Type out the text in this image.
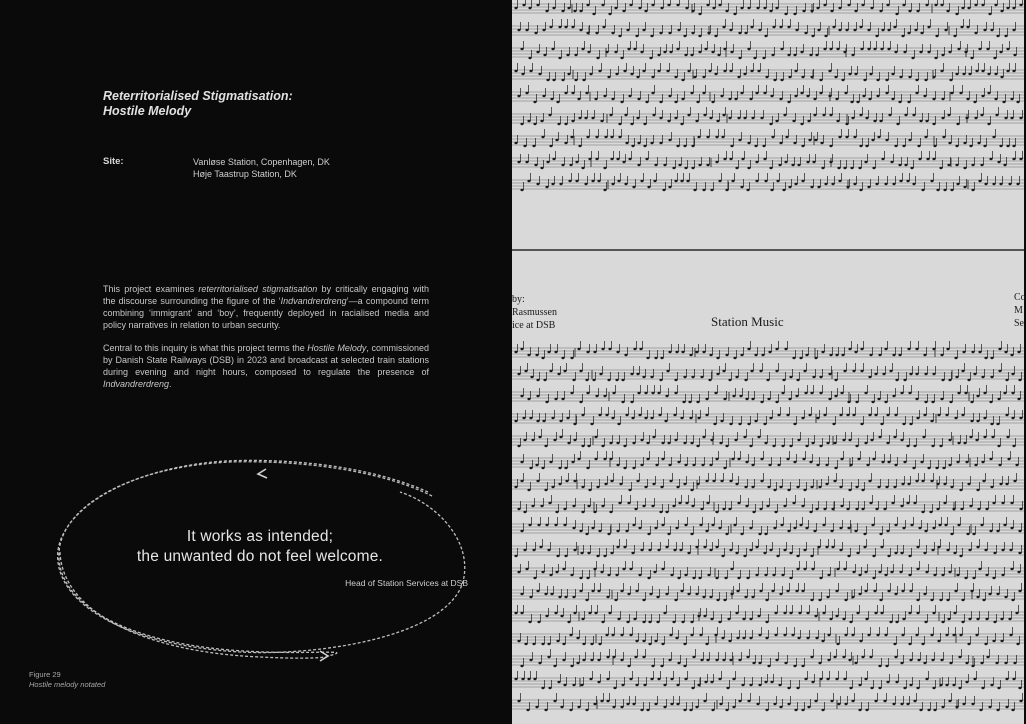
Reterritorialised Stigmatisation:
Hostile Melody
Site:	Vanløse Station, Copenhagen, DK
Høje Taastrup Station, DK

This project examines reterritorialised stigmatisation by critically engaging with the discourse surrounding the figure of the ‘Indvandrerdreng’—a compound term combining ‘immigrant’ and ‘boy’, frequently deployed in racialised media and policy narratives in relation to urban security.

Central to this inquiry is what this project terms the Hostile Melody, commissioned by Danish State Railways (DSB) in 2023 and broadcast at selected train stations during evening and night hours, composed to regulate the presence of Indvandrerdreng.

It works as intended;
the unwanted do not feel welcome.
Head of Station Services at DSB
Figure 29
Hostile melody notated
by:
Rasmussen
ice at DSB	Station Music
Co
M
Se
